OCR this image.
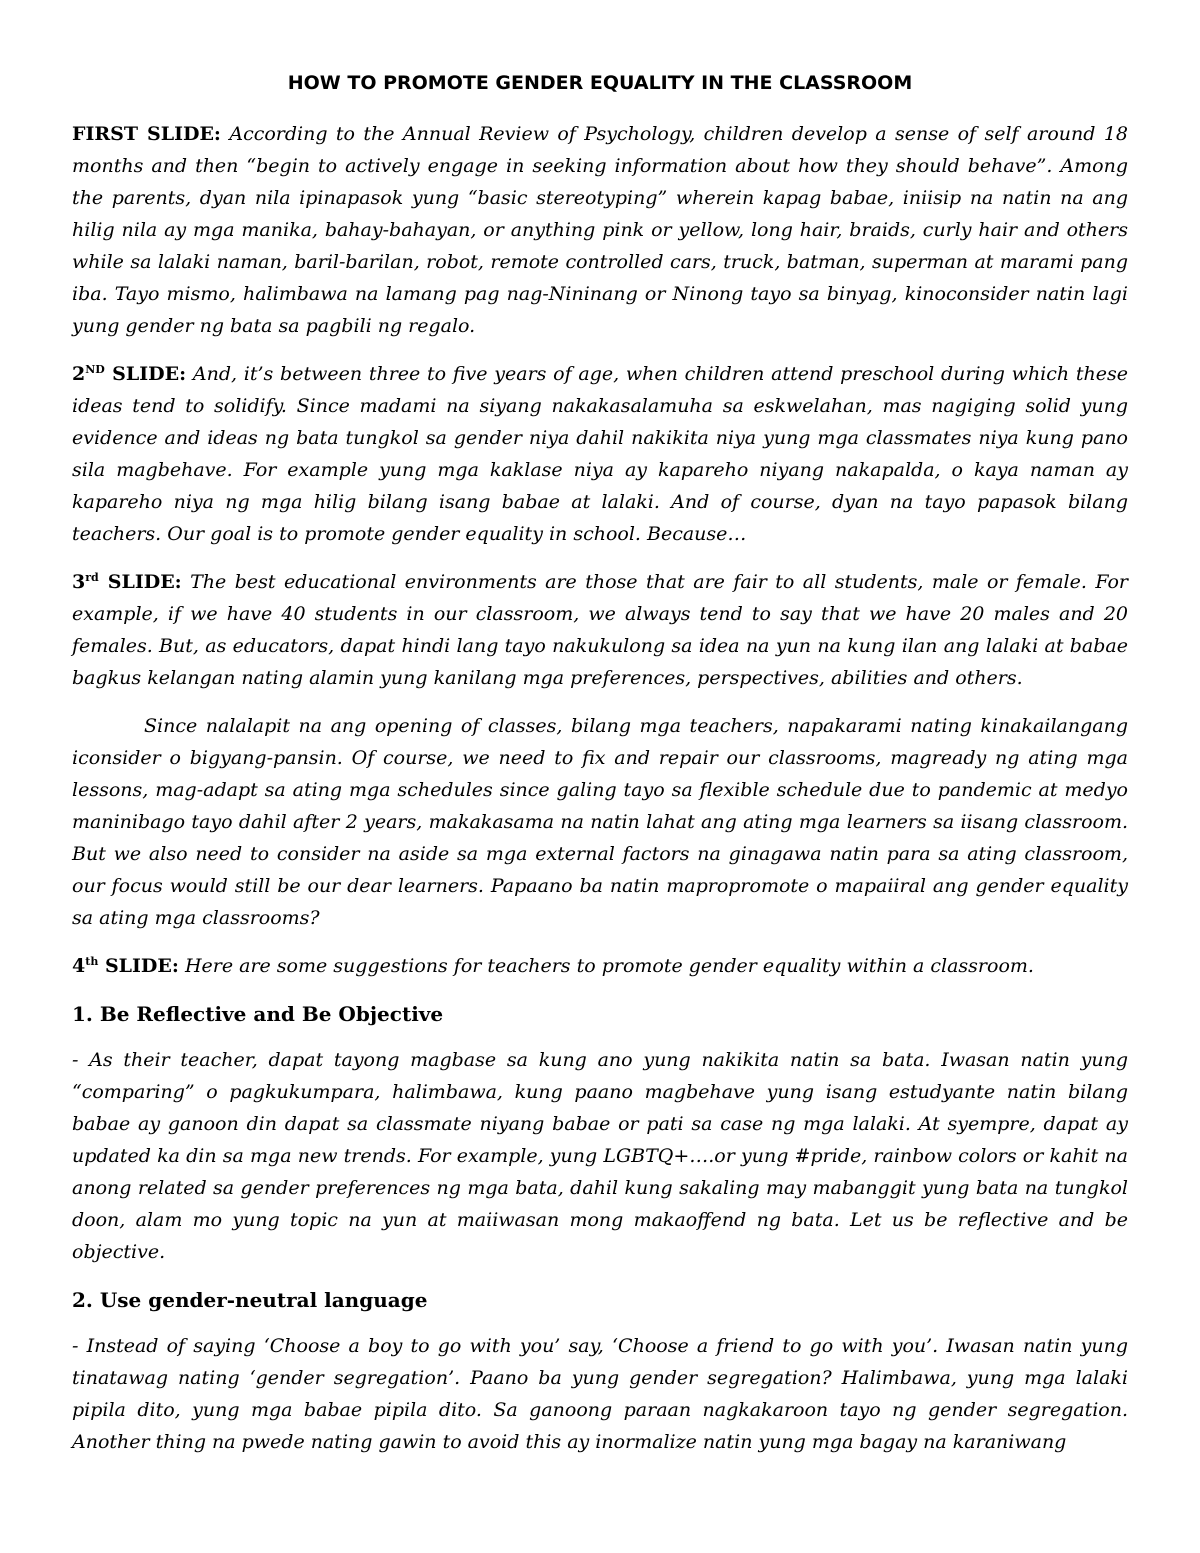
HOW TO PROMOTE GENDER EQUALITY IN THE CLASSROOM

FIRST SLIDE: According to the Annual Review of Psychology, children develop a sense of self around 18 months and then “begin to actively engage in seeking information about how they should behave”. Among the parents, dyan nila ipinapasok yung “basic stereotyping” wherein kapag babae, iniisip na natin na ang hilig nila ay mga manika, bahay-bahayan, or anything pink or yellow, long hair, braids, curly hair and others while sa lalaki naman, baril-barilan, robot, remote controlled cars, truck, batman, superman at marami pang iba. Tayo mismo, halimbawa na lamang pag nag-Nininang or Ninong tayo sa binyag, kinoconsider natin lagi yung gender ng bata sa pagbili ng regalo.

2ND SLIDE: And, it’s between three to five years of age, when children attend preschool during which these ideas tend to solidify. Since madami na siyang nakakasalamuha sa eskwelahan, mas nagiging solid yung evidence and ideas ng bata tungkol sa gender niya dahil nakikita niya yung mga classmates niya kung pano sila magbehave. For example yung mga kaklase niya ay kapareho niyang nakapalda, o kaya naman ay kapareho niya ng mga hilig bilang isang babae at lalaki. And of course, dyan na tayo papasok bilang teachers. Our goal is to promote gender equality in school. Because…

3rd SLIDE: The best educational environments are those that are fair to all students, male or female. For example, if we have 40 students in our classroom, we always tend to say that we have 20 males and 20 females. But, as educators, dapat hindi lang tayo nakukulong sa idea na yun na kung ilan ang lalaki at babae bagkus kelangan nating alamin yung kanilang mga preferences, perspectives, abilities and others.

Since nalalapit na ang opening of classes, bilang mga teachers, napakarami nating kinakailangang iconsider o bigyang-pansin. Of course, we need to fix and repair our classrooms, magready ng ating mga lessons, mag-adapt sa ating mga schedules since galing tayo sa flexible schedule due to pandemic at medyo maninibago tayo dahil after 2 years, makakasama na natin lahat ang ating mga learners sa iisang classroom. But we also need to consider na aside sa mga external factors na ginagawa natin para sa ating classroom, our focus would still be our dear learners. Papaano ba natin mapropromote o mapaiiral ang gender equality sa ating mga classrooms?

4th SLIDE: Here are some suggestions for teachers to promote gender equality within a classroom.

1. Be Reflective and Be Objective

- As their teacher, dapat tayong magbase sa kung ano yung nakikita natin sa bata. Iwasan natin yung “comparing” o pagkukumpara, halimbawa, kung paano magbehave yung isang estudyante natin bilang babae ay ganoon din dapat sa classmate niyang babae or pati sa case ng mga lalaki. At syempre, dapat ay updated ka din sa mga new trends. For example, yung LGBTQ+….or yung #pride, rainbow colors or kahit na anong related sa gender preferences ng mga bata, dahil kung sakaling may mabanggit yung bata na tungkol doon, alam mo yung topic na yun at maiiwasan mong makaoffend ng bata. Let us be reflective and be objective.

2. Use gender-neutral language

- Instead of saying ‘Choose a boy to go with you’ say, ‘Choose a friend to go with you’. Iwasan natin yung tinatawag nating ‘gender segregation’. Paano ba yung gender segregation? Halimbawa, yung mga lalaki pipila dito, yung mga babae pipila dito. Sa ganoong paraan nagkakaroon tayo ng gender segregation. Another thing na pwede nating gawin to avoid this ay inormalize natin yung mga bagay na karaniwang
